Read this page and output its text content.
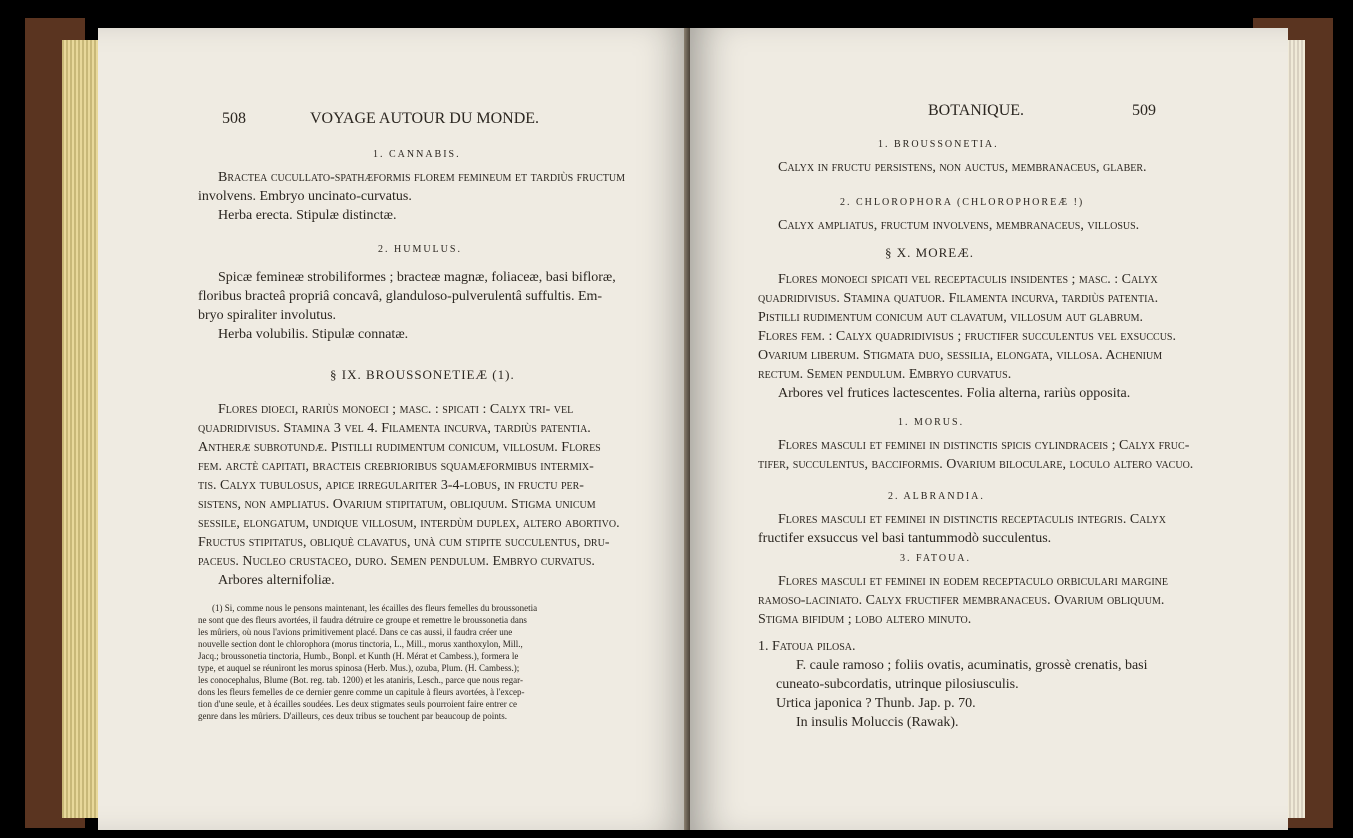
508	VOYAGE AUTOUR DU MONDE.
1. CANNABIS.
Bractea cucullato-spathæformis florem femineum et tardiùs fructum
involvens. Embryo uncinato-curvatus.
Herba erecta. Stipulæ distinctæ.
2. HUMULUS.
Spicæ femineæ strobiliformes ; bracteæ magnæ, foliaceæ, basi bifloræ,
floribus bracteâ propriâ concavâ, glanduloso-pulverulentâ suffultis. Em-
bryo spiraliter involutus.
Herba volubilis. Stipulæ connatæ.
§ IX. BROUSSONETIEÆ (1).
Flores dioeci, rariùs monoeci ; masc. : spicati : Calyx tri- vel
quadridivisus. Stamina 3 vel 4. Filamenta incurva, tardiùs patentia.
Antheræ subrotundæ. Pistilli rudimentum conicum, villosum. Flores
fem. arctè capitati, bracteis crebrioribus squamæformibus intermix-
tis. Calyx tubulosus, apice irregulariter 3-4-lobus, in fructu per-
sistens, non ampliatus. Ovarium stipitatum, obliquum. Stigma unicum
sessile, elongatum, undique villosum, interdùm duplex, altero abortivo.
Fructus stipitatus, obliquè clavatus, unà cum stipite succulentus, dru-
paceus. Nucleo crustaceo, duro. Semen pendulum. Embryo curvatus.
Arbores alternifoliæ.
(1) Si, comme nous le pensons maintenant, les écailles des fleurs femelles du broussonetia
ne sont que des fleurs avortées, il faudra détruire ce groupe et remettre le broussonetia dans
les mûriers, où nous l'avions primitivement placé. Dans ce cas aussi, il faudra créer une
nouvelle section dont le chlorophora (morus tinctoria, L., Mill., morus xanthoxylon, Mill.,
Jacq.; broussonetia tinctoria, Humb., Bonpl. et Kunth (H. Mérat et Cambess.), formera le
type, et auquel se réuniront les morus spinosa (Herb. Mus.), ozuba, Plum. (H. Cambess.);
les conocephalus, Blume (Bot. reg. tab. 1200) et les ataniris, Lesch., parce que nous regar-
dons les fleurs femelles de ce dernier genre comme un capitule à fleurs avortées, à l'excep-
tion d'une seule, et à écailles soudées. Les deux stigmates seuls pourroient faire entrer ce
genre dans les mûriers. D'ailleurs, ces deux tribus se touchent par beaucoup de points.
BOTANIQUE.	509
1. BROUSSONETIA.
Calyx in fructu persistens, non auctus, membranaceus, glaber.
2. CHLOROPHORA (CHLOROPHOREÆ !)
Calyx ampliatus, fructum involvens, membranaceus, villosus.
§ X. MOREÆ.
Flores monoeci spicati vel receptaculis insidentes ; masc. : Calyx
quadridivisus. Stamina quatuor. Filamenta incurva, tardiùs patentia.
Pistilli rudimentum conicum aut clavatum, villosum aut glabrum.
Flores fem. : Calyx quadridivisus ; fructifer succulentus vel exsuccus.
Ovarium liberum. Stigmata duo, sessilia, elongata, villosa. Achenium
rectum. Semen pendulum. Embryo curvatus.
Arbores vel frutices lactescentes. Folia alterna, rariùs opposita.
1. MORUS.
Flores masculi et feminei in distinctis spicis cylindraceis ; Calyx fruc-
tifer, succulentus, bacciformis. Ovarium biloculare, loculo altero vacuo.
2. ALBRANDIA.
Flores masculi et feminei in distinctis receptaculis integris. Calyx
fructifer exsuccus vel basi tantummodò succulentus.
3. FATOUA.
Flores masculi et feminei in eodem receptaculo orbiculari margine
ramoso-laciniato. Calyx fructifer membranaceus. Ovarium obliquum.
Stigma bifidum ; lobo altero minuto.
1. Fatoua pilosa.
F. caule ramoso ; foliis ovatis, acuminatis, grossè crenatis, basi
cuneato-subcordatis, utrinque pilosiusculis.
Urtica japonica ? Thunb. Jap. p. 70.
In insulis Moluccis (Rawak).
